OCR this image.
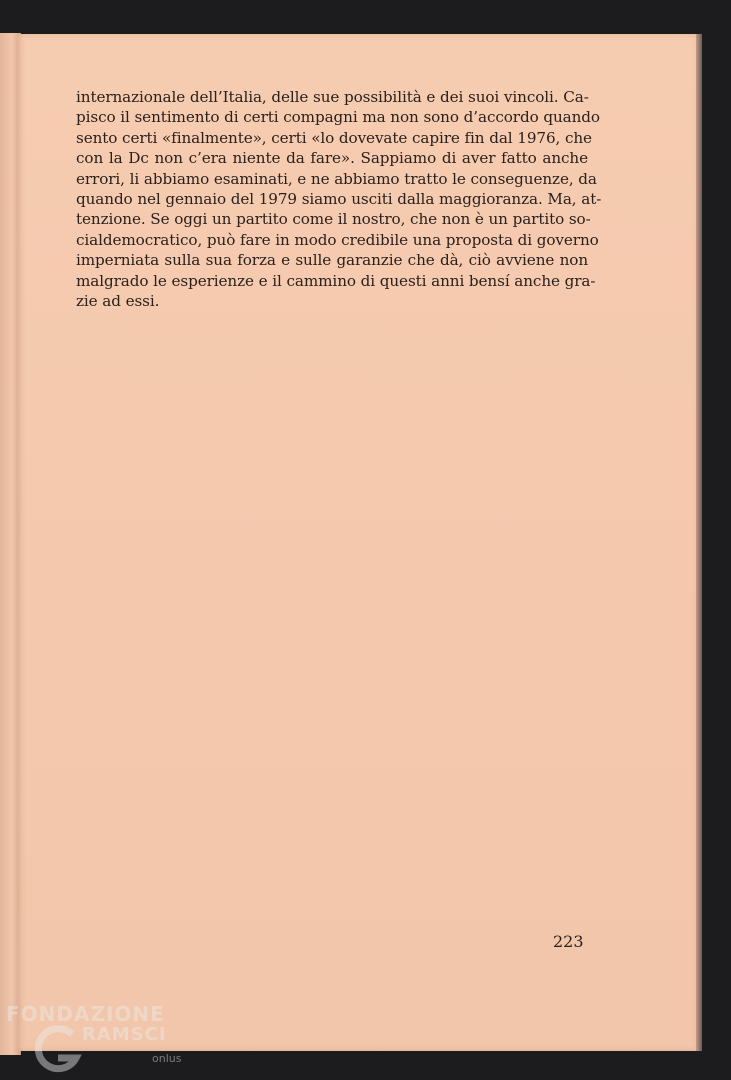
internazionale dell’Italia, delle sue possibilità e dei suoi vincoli. Ca-
pisco il sentimento di certi compagni ma non sono d’accordo quando
sento certi «finalmente», certi «lo dovevate capire fin dal 1976, che
con la Dc non c’era niente da fare». Sappiamo di aver fatto anche
errori, li abbiamo esaminati, e ne abbiamo tratto le conseguenze, da
quando nel gennaio del 1979 siamo usciti dalla maggioranza. Ma, at-
tenzione. Se oggi un partito come il nostro, che non è un partito so-
cialdemocratico, può fare in modo credibile una proposta di governo
imperniata sulla sua forza e sulle garanzie che dà, ciò avviene non
malgrado le esperienze e il cammino di questi anni bensí anche gra-
zie ad essi.

223
FONDAZIONE
RAMSCI
onlus
